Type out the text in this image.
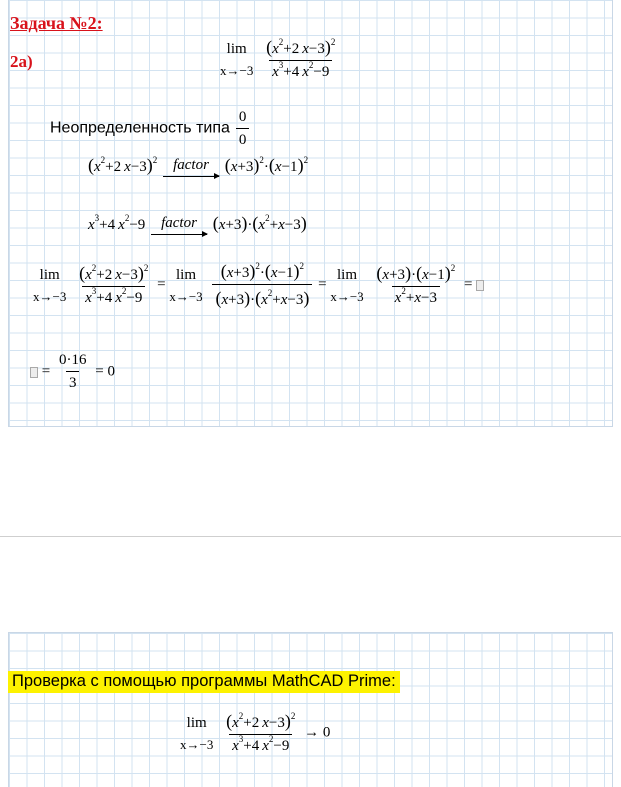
Задача №2:
2а)
lim
x→−3
$\frac{(x^2+2 x-3)^2}{x^3+4 x^2-9}$
Неопределенность типа $\frac{0}{0}$
($x^2+2$ x−3)$^2$ factor $(x+3)^2\cdot(x-1)^2$
$x^3+4$ $x^2-9$ factor $(x+3)\cdot(x^2+x-3)$
lim
x→−3
$\frac{(x^2+2 x-3)^2}{x^3+4 x^2-9}$ =
lim
x→−3
$\frac{(x+3)^2\cdot(x-1)^2}{(x+3)\cdot(x^2+x-3)}$ =
lim
x→−3
$\frac{(x+3)\cdot(x-1)^2}{x^2+x-3}$ =
= $\frac{0\cdot 16}{3} = 0$
Проверка с помощью программы MathCAD Prime:
lim
x→−3
$\frac{(x^2+2 x-3)^2}{x^3+4 x^2-9} \to 0$
